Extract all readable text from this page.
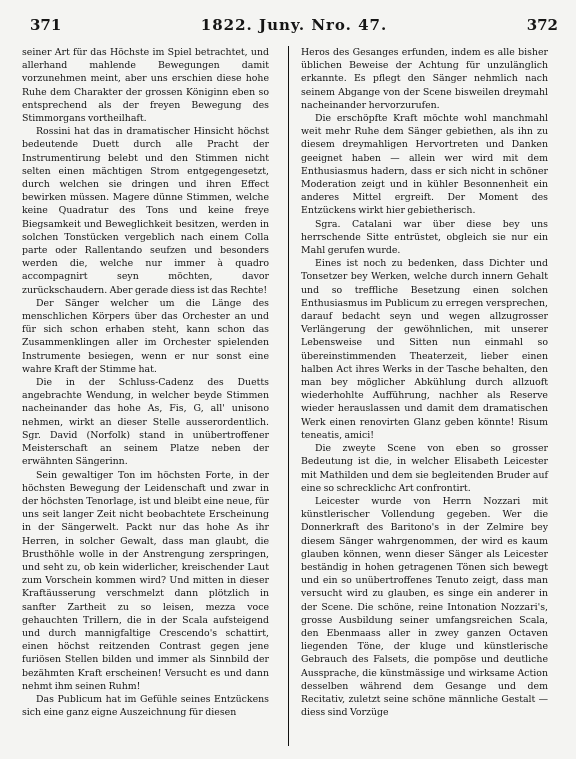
371	1822. Juny. Nro. 47.	372

seiner Art für das Höchste im Spiel betrachtet, und allerhand mahlende Bewegungen damit vorzunehmen meint, aber uns erschien diese hohe Ruhe dem Charakter der grossen Königinn eben so entsprechend als der freyen Bewegung des Stimmorgans vortheilhaft.

Rossini hat das in dramatischer Hinsicht höchst bedeutende Duett durch alle Pracht der Instrumentirung belebt und den Stimmen nicht selten einen mächtigen Strom entgegengesetzt, durch welchen sie dringen und ihren Effect bewirken müssen. Magere dünne Stimmen, welche keine Quadratur des Tons und keine freye Biegsamkeit und Beweglichkeit besitzen, werden in solchen Tonstücken vergeblich nach einem Colla parte oder Rallentando seufzen und besonders werden die, welche nur immer à quadro accompagnirt seyn möchten, davor zurückschaudern. Aber gerade diess ist das Rechte!

Der Sänger welcher um die Länge des menschlichen Körpers über das Orchester an und für sich schon erhaben steht, kann schon das Zusammenklingen aller im Orchester spielenden Instrumente besiegen, wenn er nur sonst eine wahre Kraft der Stimme hat.

Die in der Schluss-Cadenz des Duetts angebrachte Wendung, in welcher beyde Stimmen nacheinander das hohe As, Fis, G, all' unisono nehmen, wirkt an dieser Stelle ausserordentlich. Sgr. David (Norfolk) stand in unübertroffener Meisterschaft an seinem Platze neben der erwähnten Sängerinn.

Sein gewaltiger Ton im höchsten Forte, in der höchsten Bewegung der Leidenschaft und zwar in der höchsten Tenorlage, ist und bleibt eine neue, für uns seit langer Zeit nicht beobachtete Erscheinung in der Sängerwelt. Packt nur das hohe As ihr Herren, in solcher Gewalt, dass man glaubt, die Brusthöhle wolle in der Anstrengung zerspringen, und seht zu, ob kein widerlicher, kreischender Laut zum Vorschein kommen wird? Und mitten in dieser Kraftäusserung verschmelzt dann plötzlich in sanfter Zartheit zu so leisen, mezza voce gehauchten Trillern, die in der Scala aufsteigend und durch mannigfaltige Crescendo's schattirt, einen höchst reitzenden Contrast gegen jene furiösen Stellen bilden und immer als Sinnbild der bezähmten Kraft erscheinen! Versucht es und dann nehmt ihm seinen Ruhm!

Das Publicum hat im Gefühle seines Entzückens sich eine ganz eigne Auszeichnung für diesen

Heros des Gesanges erfunden, indem es alle bisher üblichen Beweise der Achtung für unzulänglich erkannte. Es pflegt den Sänger nehmlich nach seinem Abgange von der Scene bisweilen dreymahl nacheinander hervorzurufen.

Die erschöpfte Kraft möchte wohl manchmahl weit mehr Ruhe dem Sänger gebiethen, als ihn zu diesem dreymahligen Hervortreten und Danken geeignet haben — allein wer wird mit dem Enthusiasmus hadern, dass er sich nicht in schöner Moderation zeigt und in kühler Besonnenheit ein anderes Mittel ergreift. Der Moment des Entzückens wirkt hier gebietherisch.

Sgra. Catalani war über diese bey uns herrschende Sitte entrüstet, obgleich sie nur ein Mahl gerufen wurde.

Eines ist noch zu bedenken, dass Dichter und Tonsetzer bey Werken, welche durch innern Gehalt und so treffliche Besetzung einen solchen Enthusiasmus im Publicum zu erregen versprechen, darauf bedacht seyn und wegen allzugrosser Verlängerung der gewöhnlichen, mit unserer Lebensweise und Sitten nun einmahl so übereinstimmenden Theaterzeit, lieber einen halben Act ihres Werks in der Tasche behalten, den man bey möglicher Abkühlung durch allzuoft wiederhohlte Aufführung, nachher als Reserve wieder herauslassen und damit dem dramatischen Werk einen renovirten Glanz geben könnte! Risum teneatis, amici!

Die zweyte Scene von eben so grosser Bedeutung ist die, in welcher Elisabeth Leicester mit Mathilden und dem sie begleitenden Bruder auf eine so schrecklichc Art confrontirt.

Leicester wurde von Herrn Nozzari mit künstlerischer Vollendung gegeben. Wer die Donnerkraft des Baritono's in der Zelmire bey diesem Sänger wahrgenommen, der wird es kaum glauben können, wenn dieser Sänger als Leicester beständig in hohen getragenen Tönen sich bewegt und ein so unübertroffenes Tenuto zeigt, dass man versucht wird zu glauben, es singe ein anderer in der Scene. Die schöne, reine Intonation Nozzari's, grosse Ausbildung seiner umfangsreichen Scala, den Ebenmaass aller in zwey ganzen Octaven liegenden Töne, der kluge und künstlerische Gebrauch des Falsets, die pompöse und deutliche Aussprache, die künstmässige und wirksame Action desselben während dem Gesange und dem Recitativ, zuletzt seine schöne männliche Gestalt — diess sind Vorzüge
